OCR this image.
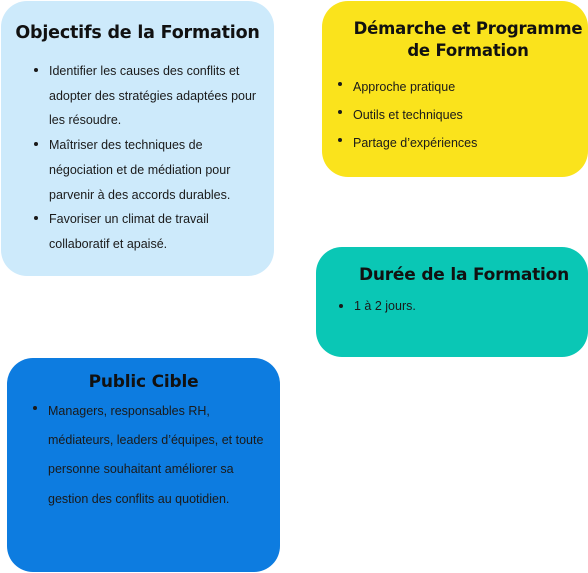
Objectifs de la Formation
Identifier les causes des conflits et adopter des stratégies adaptées pour les résoudre.
Maîtriser des techniques de négociation et de médiation pour parvenir à des accords durables.
Favoriser un climat de travail collaboratif et apaisé.
Démarche et Programme de Formation
Approche pratique
Outils et techniques
Partage d’expériences
Durée de la Formation
1 à 2 jours.
Public Cible
Managers, responsables RH, médiateurs, leaders d’équipes, et toute personne souhaitant améliorer sa gestion des conflits au quotidien.
